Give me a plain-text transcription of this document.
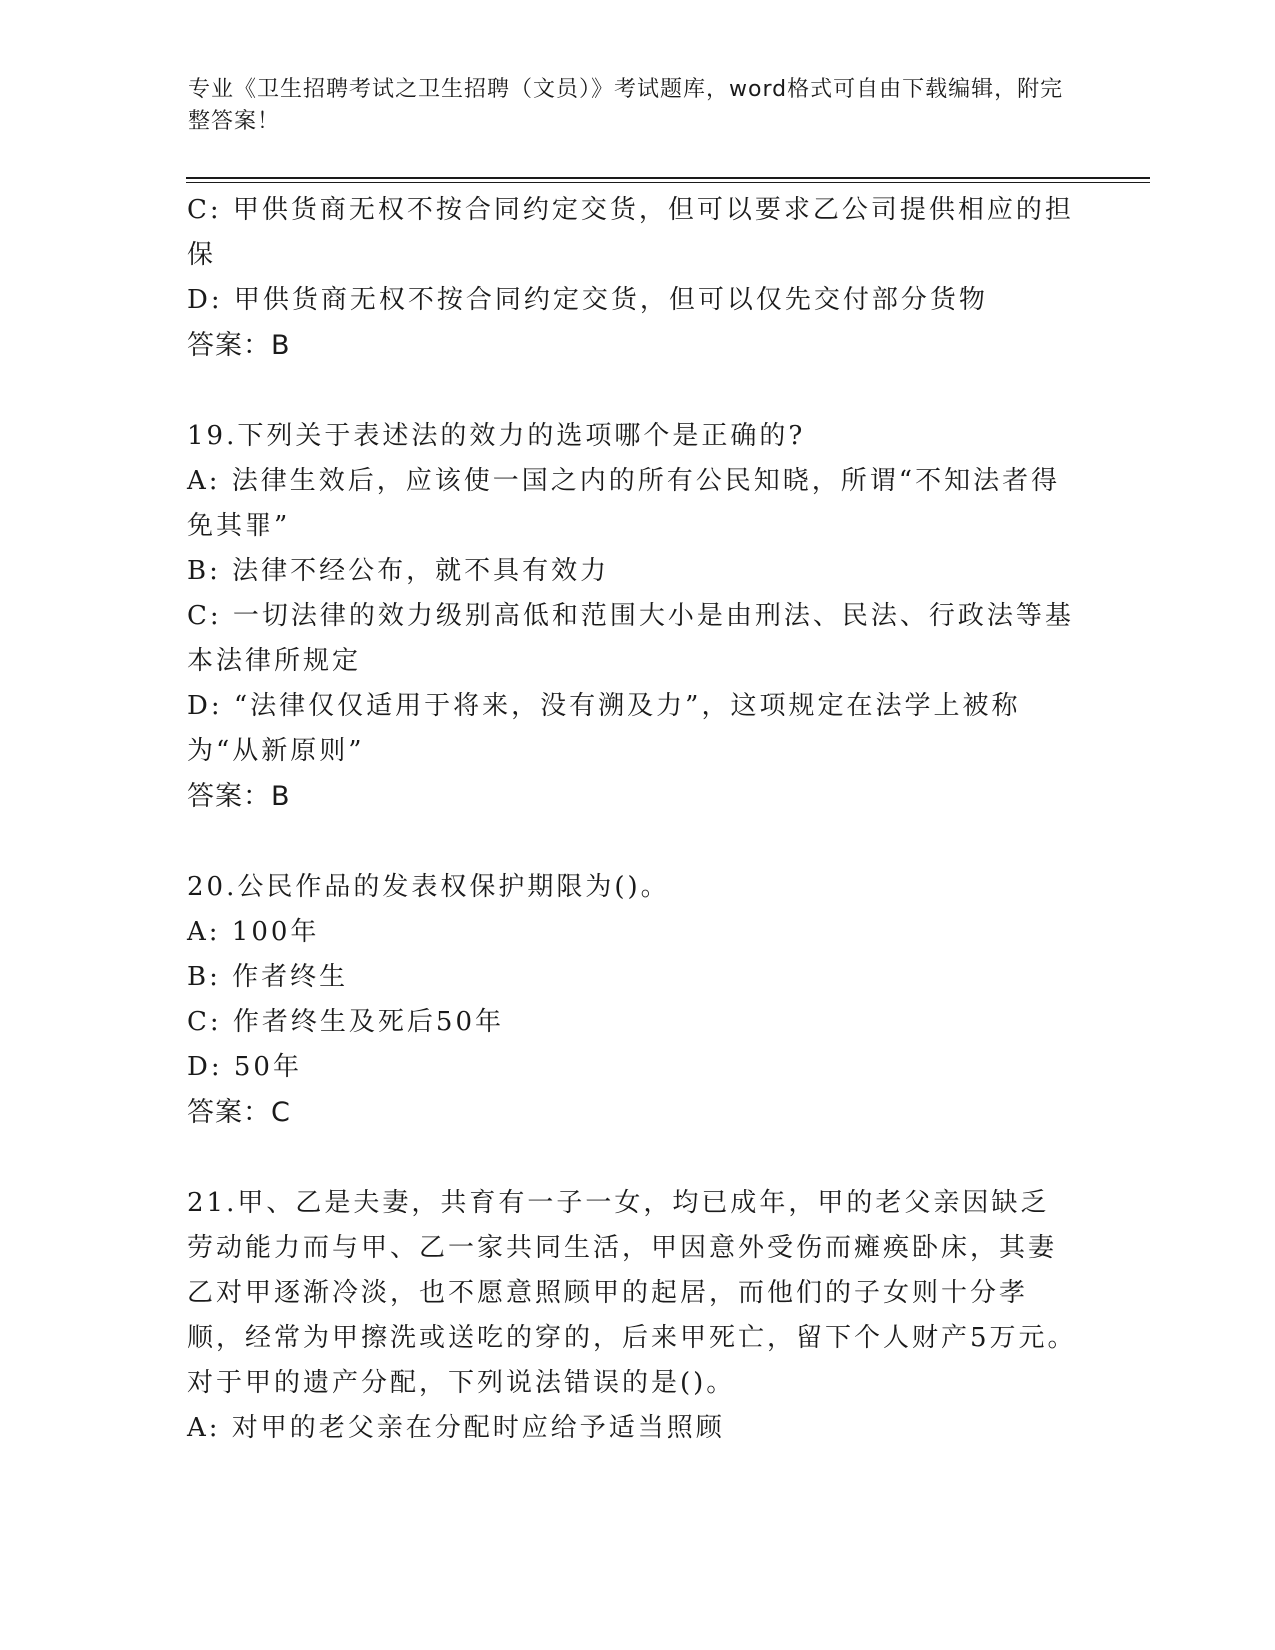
专业《卫生招聘考试之卫生招聘（文员）》考试题库，word格式可自由下载编辑，附完整答案！
C: 甲供货商无权不按合同约定交货，但可以要求乙公司提供相应的担保
D: 甲供货商无权不按合同约定交货，但可以仅先交付部分货物
答案：B
19.下列关于表述法的效力的选项哪个是正确的?
A: 法律生效后，应该使一国之内的所有公民知晓，所谓“不知法者得免其罪”
B: 法律不经公布，就不具有效力
C: 一切法律的效力级别高低和范围大小是由刑法、民法、行政法等基本法律所规定
D: “法律仅仅适用于将来，没有溯及力”，这项规定在法学上被称为“从新原则”
答案：B
20.公民作品的发表权保护期限为()。
A: 100年
B: 作者终生
C: 作者终生及死后50年
D: 50年
答案：C
21.甲、乙是夫妻，共育有一子一女，均已成年，甲的老父亲因缺乏劳动能力而与甲、乙一家共同生活，甲因意外受伤而瘫痪卧床，其妻乙对甲逐渐冷淡，也不愿意照顾甲的起居，而他们的子女则十分孝顺，经常为甲擦洗或送吃的穿的，后来甲死亡，留下个人财产5万元。对于甲的遗产分配，下列说法错误的是()。
A: 对甲的老父亲在分配时应给予适当照顾
